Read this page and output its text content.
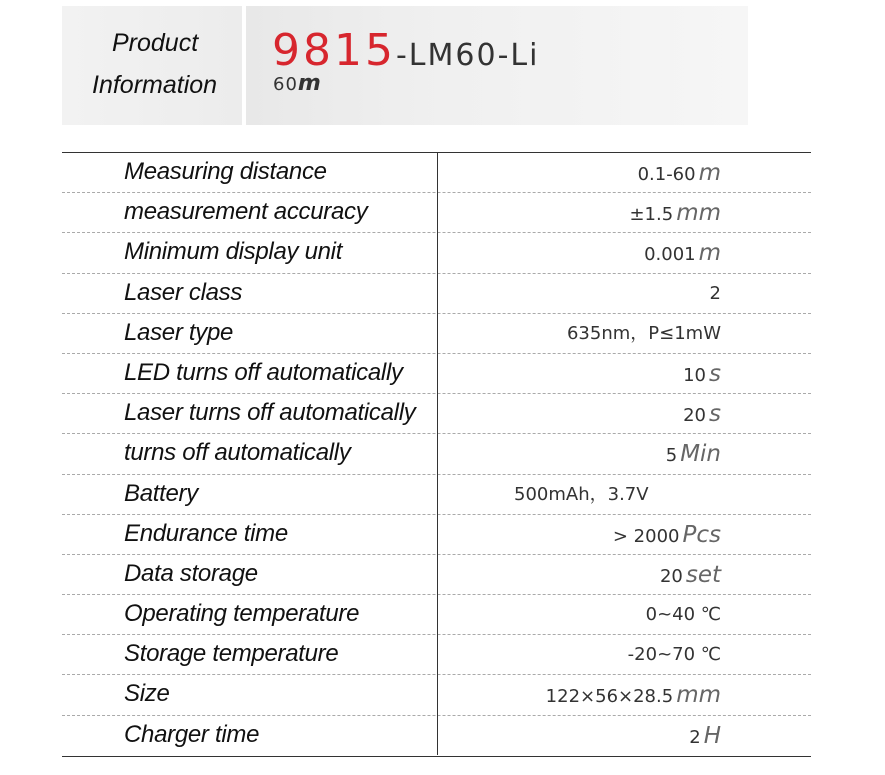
Product
Information
9815-LM60-Li
60m
Measuring distance	0.1-60 m
measurement accuracy	±1.5 mm
Minimum display unit	0.001 m
Laser class	2
Laser type	635nm，P≤1mW
LED turns off automatically	10 s
Laser turns off automatically	20 s
turns off automatically	5 Min
Battery	500mAh，3.7V
Endurance time	> 2000 Pcs
Data storage	20 set
Operating temperature	0~40 ℃
Storage temperature	-20~70 ℃
Size	122×56×28.5 mm
Charger time	2 H
